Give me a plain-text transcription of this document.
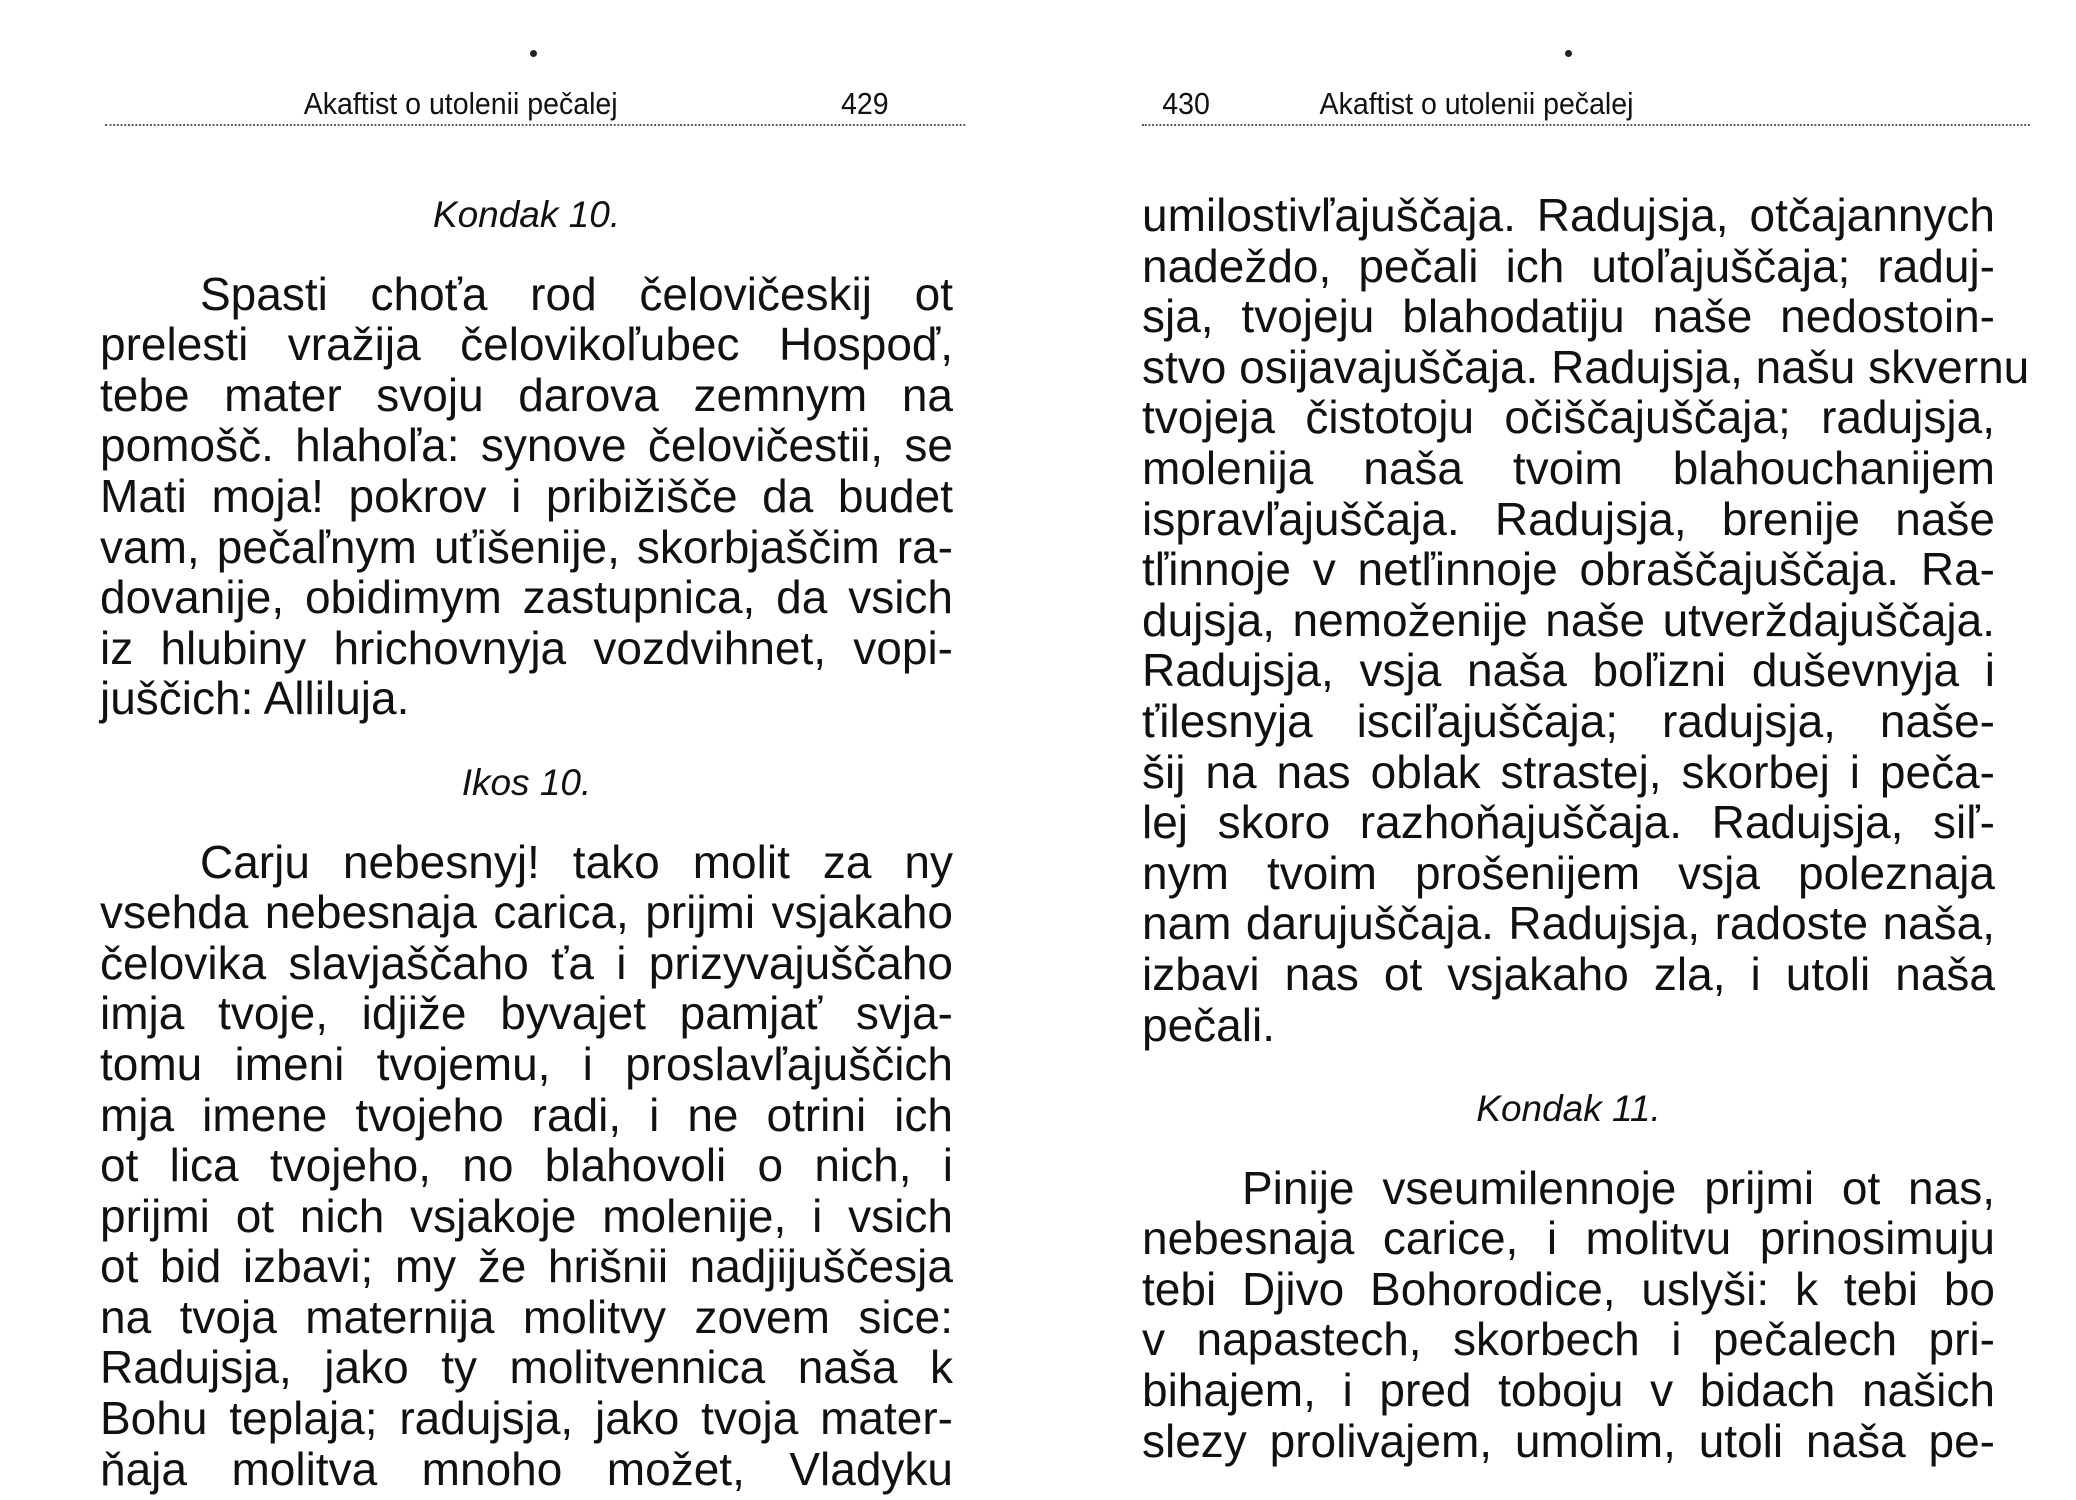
Akaftist o utolenii pečalej	429
Kondak 10.
Spasti choťa rod čelovičeskij ot
prelesti vražija čelovikoľubec Hospoď,
tebe mater svoju darova zemnym na
pomošč. hlahoľa: synove čelovičestii, se
Mati moja! pokrov i pribižišče da budet
vam, pečaľnym uťišenije, skorbjaščim ra-
dovanije, obidimym zastupnica, da vsich
iz hlubiny hrichovnyja vozdvihnet, vopi-
juščich: Alliluja.
Ikos 10.
Carju nebesnyj! tako molit za ny
vsehda nebesnaja carica, prijmi vsjakaho
čelovika slavjaščaho ťa i prizyvajuščaho
imja tvoje, idjiže byvajet pamjať svja-
tomu imeni tvojemu, i proslavľajuščich
mja imene tvojeho radi, i ne otrini ich
ot lica tvojeho, no blahovoli o nich, i
prijmi ot nich vsjakoje molenije, i vsich
ot bid izbavi; my že hrišnii nadjijuščesja
na tvoja maternija molitvy zovem sice:
Radujsja, jako ty molitvennica naša k
Bohu teplaja; radujsja, jako tvoja mater-
ňaja molitva mnoho možet, Vladyku
430	Akaftist o utolenii pečalej
umilostivľajuščaja. Radujsja, otčajannych
nadeždo, pečali ich utoľajuščaja; raduj-
sja, tvojeju blahodatiju naše nedostoin-
stvo osijavajuščaja. Radujsja, našu skvernu
tvojeja čistotoju očiščajuščaja; radujsja,
molenija naša tvoim blahouchanijem
ispravľajuščaja. Radujsja, brenije naše
tľinnoje v netľinnoje obraščajuščaja. Ra-
dujsja, nemoženije naše utverždajuščaja.
Radujsja, vsja naša boľizni duševnyja i
ťilesnyja isciľajuščaja; radujsja, naše-
šij na nas oblak strastej, skorbej i peča-
lej skoro razhoňajuščaja. Radujsja, siľ-
nym tvoim prošenijem vsja poleznaja
nam darujuščaja. Radujsja, radoste naša,
izbavi nas ot vsjakaho zla, i utoli naša
pečali.
Kondak 11.
Pinije vseumilennoje prijmi ot nas,
nebesnaja carice, i molitvu prinosimuju
tebi Djivo Bohorodice, uslyši: k tebi bo
v napastech, skorbech i pečalech pri-
bihajem, i pred toboju v bidach našich
slezy prolivajem, umolim, utoli naša pe-
